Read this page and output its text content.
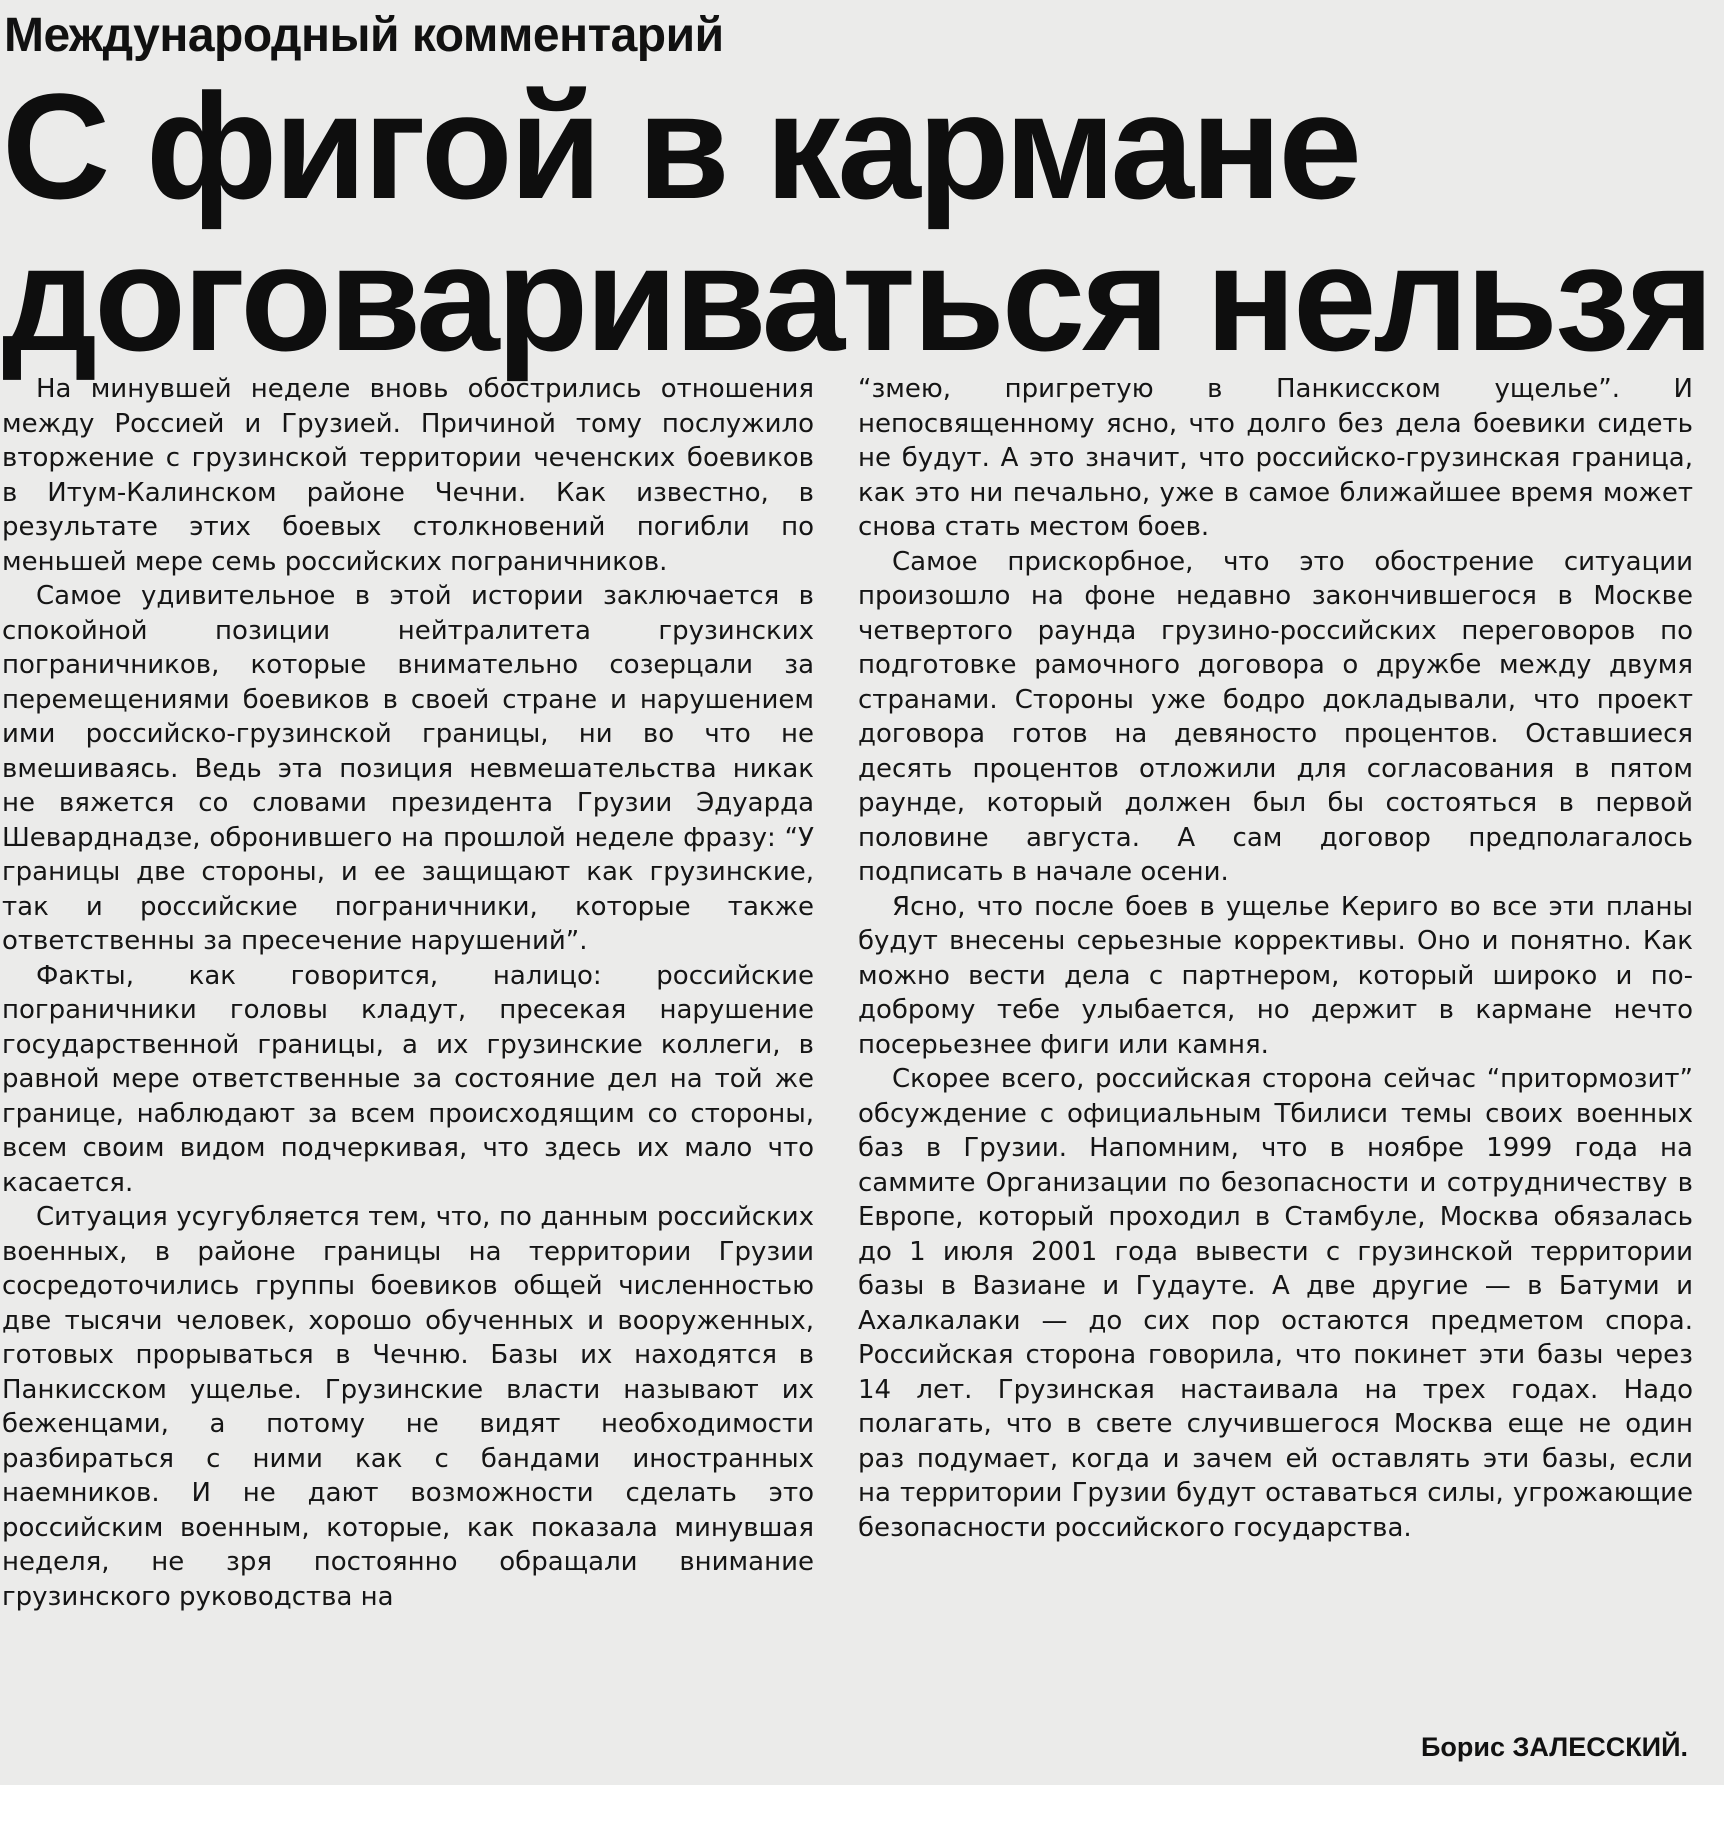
Международный комментарий
С фигой в кармане
договариваться нельзя

На минувшей неделе вновь обострились отношения между Россией и Грузией. Причиной тому послужило вторжение с грузинской территории чеченских боевиков в Итум-Калинском районе Чечни. Как известно, в результате этих боевых столкновений погибли по меньшей мере семь российских пограничников.

Самое удивительное в этой истории заключается в спокойной позиции нейтралитета грузинских пограничников, которые внимательно созерцали за перемещениями боевиков в своей стране и нарушением ими российско-грузинской границы, ни во что не вмешиваясь. Ведь эта позиция невмешательства никак не вяжется со словами президента Грузии Эдуарда Шеварднадзе, обронившего на прошлой неделе фразу: “У границы две стороны, и ее защищают как грузинские, так и российские пограничники, которые также ответственны за пресечение нарушений”.

Факты, как говорится, налицо: российские пограничники головы кладут, пресекая нарушение государственной границы, а их грузинские коллеги, в равной мере ответственные за состояние дел на той же границе, наблюдают за всем происходящим со стороны, всем своим видом подчеркивая, что здесь их мало что касается.

Ситуация усугубляется тем, что, по данным российских военных, в районе границы на территории Грузии сосредоточились группы боевиков общей численностью две тысячи человек, хорошо обученных и вооруженных, готовых прорываться в Чечню. Базы их находятся в Панкисском ущелье. Грузинские власти называют их беженцами, а потому не видят необходимости разбираться с ними как с бандами иностранных наемников. И не дают возможности сделать это российским военным, которые, как показала минувшая неделя, не зря постоянно обращали внимание грузинского руководства на

“змею, пригретую в Панкисском ущелье”. И непосвященному ясно, что долго без дела боевики сидеть не будут. А это значит, что российско-грузинская граница, как это ни печально, уже в самое ближайшее время может снова стать местом боев.

Самое прискорбное, что это обострение ситуации произошло на фоне недавно закончившегося в Москве четвертого раунда грузино-российских переговоров по подготовке рамочного договора о дружбе между двумя странами. Стороны уже бодро докладывали, что проект договора готов на девяносто процентов. Оставшиеся десять процентов отложили для согласования в пятом раунде, который должен был бы состояться в первой половине августа. А сам договор предполагалось подписать в начале осени.

Ясно, что после боев в ущелье Кериго во все эти планы будут внесены серьезные коррективы. Оно и понятно. Как можно вести дела с партнером, который широко и по-доброму тебе улыбается, но держит в кармане нечто посерьезнее фиги или камня.

Скорее всего, российская сторона сейчас “притормозит” обсуждение с официальным Тбилиси темы своих военных баз в Грузии. Напомним, что в ноябре 1999 года на саммите Организации по безопасности и сотрудничеству в Европе, который проходил в Стамбуле, Москва обязалась до 1 июля 2001 года вывести с грузинской территории базы в Вазиане и Гудауте. А две другие — в Батуми и Ахалкалаки — до сих пор остаются предметом спора. Российская сторона говорила, что покинет эти базы через 14 лет. Грузинская настаивала на трех годах. Надо полагать, что в свете случившегося Москва еще не один раз подумает, когда и зачем ей оставлять эти базы, если на территории Грузии будут оставаться силы, угрожающие безопасности российского государства.

Борис ЗАЛЕССКИЙ.
